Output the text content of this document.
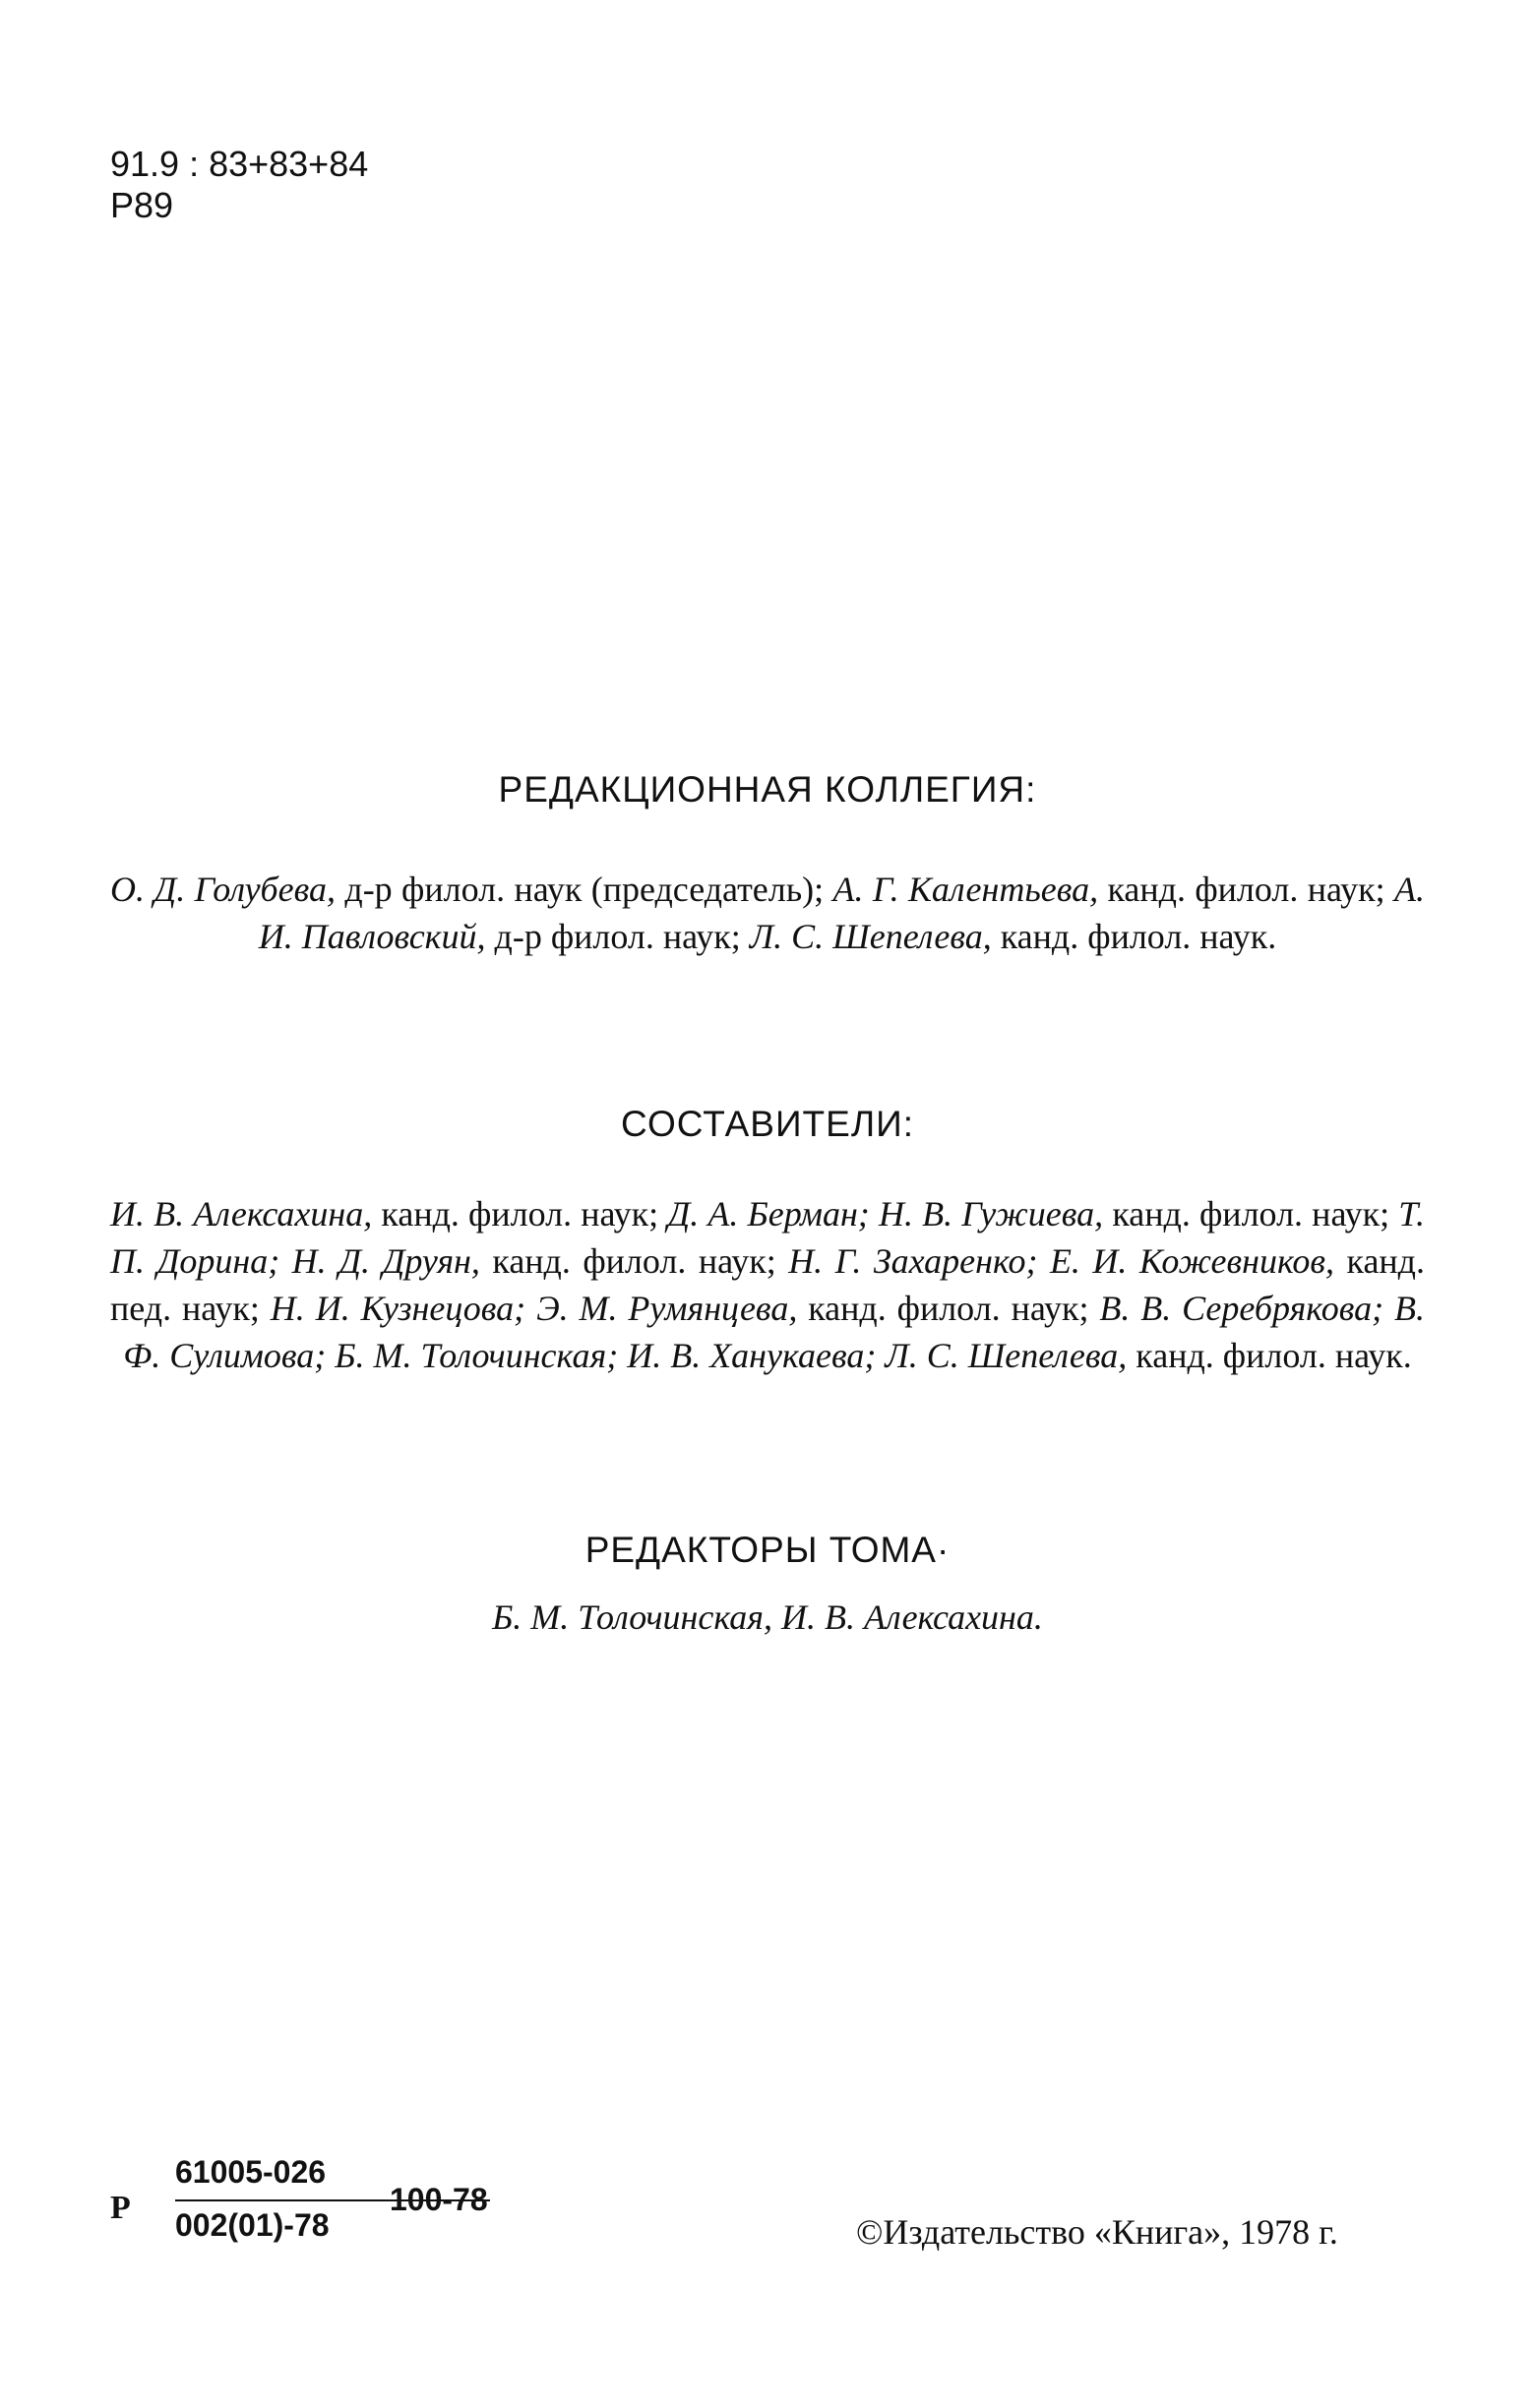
91.9 : 83+83+84
Р89
РЕДАКЦИОННАЯ КОЛЛЕГИЯ:
О. Д. Голубева, д-р филол. наук (председатель); А. Г. Калентьева, канд. филол. наук; А. И. Павловский, д-р филол. наук; Л. С. Шепелева, канд. филол. наук.
СОСТАВИТЕЛИ:
И. В. Алексахина, канд. филол. наук; Д. А. Берман; Н. В. Гужиева, канд. филол. наук; Т. П. Дорина; Н. Д. Друян, канд. филол. наук; Н. Г. Захаренко; Е. И. Кожевников, канд. пед. наук; Н. И. Кузнецова; Э. М. Румянцева, канд. филол. наук; В. В. Серебрякова; В. Ф. Сулимова; Б. М. Толочинская; И. В. Ханукаева; Л. С. Шепелева, канд. филол. наук.
РЕДАКТОРЫ ТОМА·
Б. М. Толочинская, И. В. Алексахина.
Р
61005-026
002(01)-78
100-78
©Издательство «Книга», 1978 г.
